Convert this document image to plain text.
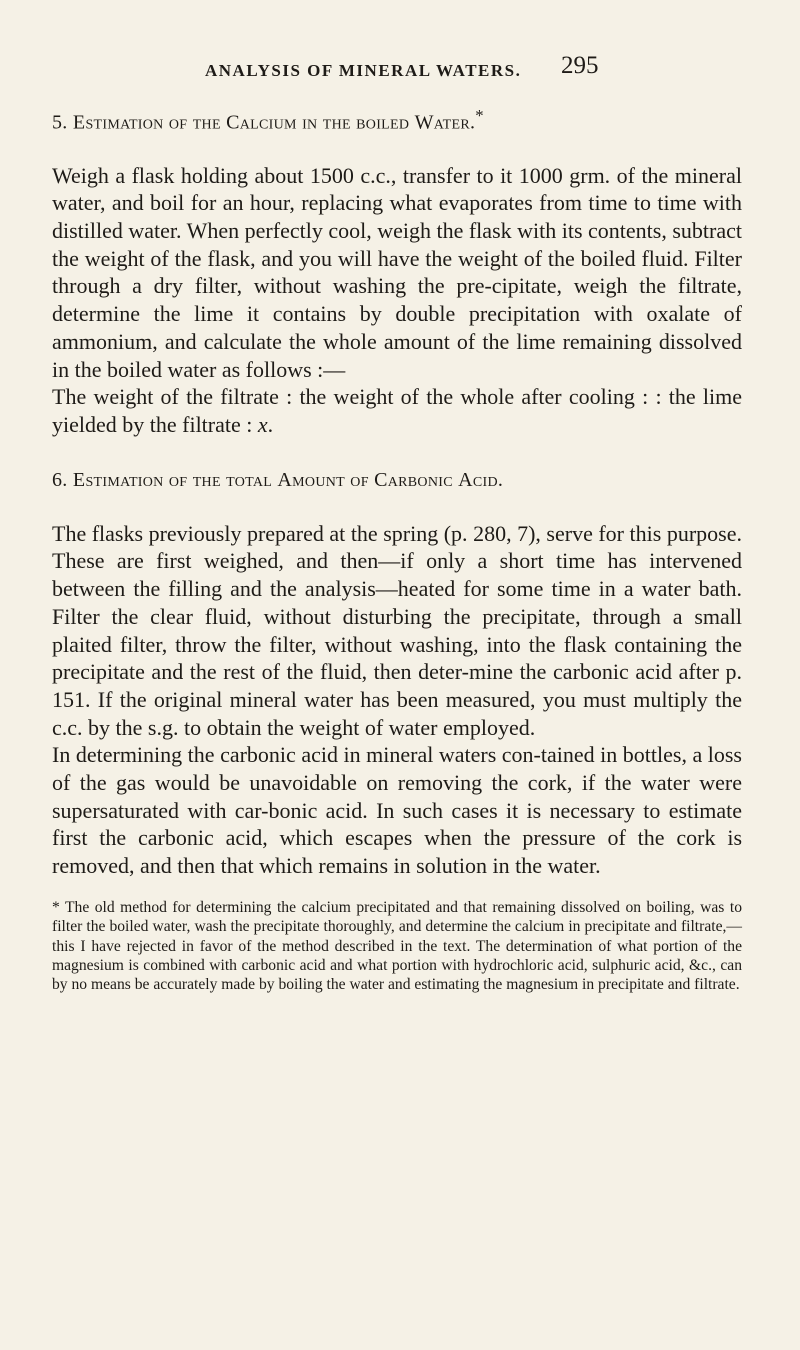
ANALYSIS OF MINERAL WATERS. 295
5. Estimation of the Calcium in the boiled Water.*

Weigh a flask holding about 1500 c.c., transfer to it 1000 grm. of the mineral water, and boil for an hour, replacing what evaporates from time to time with distilled water. When perfectly cool, weigh the flask with its contents, subtract the weight of the flask, and you will have the weight of the boiled fluid. Filter through a dry filter, without washing the pre-cipitate, weigh the filtrate, determine the lime it contains by double precipitation with oxalate of ammonium, and calculate the whole amount of the lime remaining dissolved in the boiled water as follows :—

The weight of the filtrate : the weight of the whole after cooling : : the lime yielded by the filtrate : x.

6. Estimation of the total Amount of Carbonic Acid.

The flasks previously prepared at the spring (p. 280, 7), serve for this purpose. These are first weighed, and then—if only a short time has intervened between the filling and the analysis—heated for some time in a water bath. Filter the clear fluid, without disturbing the precipitate, through a small plaited filter, throw the filter, without washing, into the flask containing the precipitate and the rest of the fluid, then deter-mine the carbonic acid after p. 151. If the original mineral water has been measured, you must multiply the c.c. by the s.g. to obtain the weight of water employed.

In determining the carbonic acid in mineral waters con-tained in bottles, a loss of the gas would be unavoidable on removing the cork, if the water were supersaturated with car-bonic acid. In such cases it is necessary to estimate first the carbonic acid, which escapes when the pressure of the cork is removed, and then that which remains in solution in the water.

* The old method for determining the calcium precipitated and that remaining dissolved on boiling, was to filter the boiled water, wash the precipitate thoroughly, and determine the calcium in precipitate and filtrate,—this I have rejected in favor of the method described in the text. The determination of what portion of the magnesium is combined with carbonic acid and what portion with hydrochloric acid, sulphuric acid, &c., can by no means be accurately made by boiling the water and estimating the magnesium in precipitate and filtrate.
